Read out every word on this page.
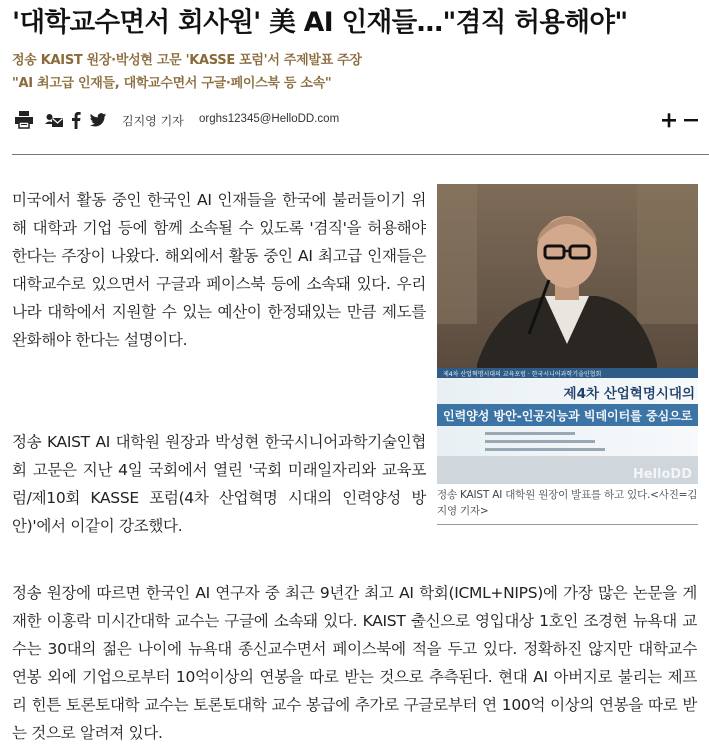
'대학교수면서 회사원' 美 AI 인재들…"겸직 허용해야"
정송 KAIST 원장·박성현 고문 'KASSE 포럼'서 주제발표 주장
"AI 최고급 인재들, 대학교수면서 구글·페이스북 등 소속"
김지영 기자 orghs12345@HelloDD.com

미국에서 활동 중인 한국인 AI 인재들을 한국에 불러들이기 위해 대학과 기업 등에 함께 소속될 수 있도록 '겸직'을 허용해야 한다는 주장이 나왔다. 해외에서 활동 중인 AI 최고급 인재들은 대학교수로 있으면서 구글과 페이스북 등에 소속돼 있다. 우리나라 대학에서 지원할 수 있는 예산이 한정돼있는 만큼 제도를 완화해야 한다는 설명이다.

정송 KAIST AI 대학원 원장과 박성현 한국시니어과학기술인협회 고문은 지난 4일 국회에서 열린 '국회 미래일자리와 교육포럼/제10회 KASSE 포럼(4차 산업혁명 시대의 인력양성 방안)'에서 이같이 강조했다.

정송 원장에 따르면 한국인 AI 연구자 중 최근 9년간 최고 AI 학회(ICML+NIPS)에 가장 많은 논문을 게재한 이홍락 미시간대학 교수는 구글에 소속돼 있다. KAIST 출신으로 영입대상 1호인 조경현 뉴욕대 교수는 30대의 젊은 나이에 뉴욕대 종신교수면서 페이스북에 적을 두고 있다. 정확하진 않지만 대학교수 연봉 외에 기업으로부터 10억이상의 연봉을 따로 받는 것으로 추측된다. 현대 AI 아버지로 불리는 제프리 힌튼 토론토대학 교수는 토론토대학 교수 봉급에 추가로 구글로부터 연 100억 이상의 연봉을 따로 받는 것으로 알려져 있다.

제4차 산업혁명시대의 교육포럼 · 한국시니어과학기술인협회
제4차 산업혁명시대의
인력양성 방안-인공지능과 빅데이터를 중심으로
HelloDD

정송 KAIST AI 대학원 원장이 발표를 하고 있다.<사진=김지영 기자>
